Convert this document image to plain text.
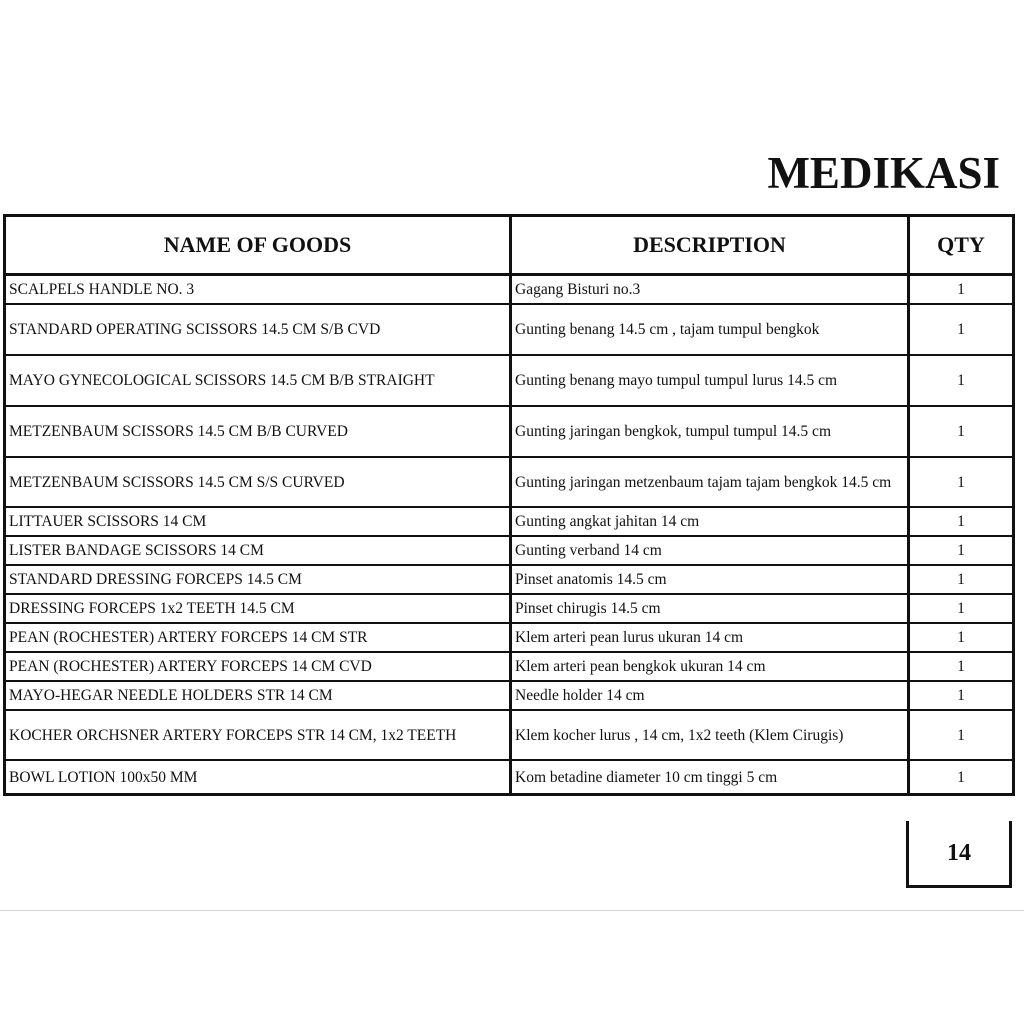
MEDIKASI
NAME OF GOODS	DESCRIPTION	QTY
SCALPELS HANDLE NO. 3	Gagang Bisturi no.3	1
STANDARD OPERATING SCISSORS 14.5 CM S/B CVD	Gunting benang 14.5 cm , tajam tumpul bengkok	1
MAYO GYNECOLOGICAL SCISSORS 14.5 CM B/B STRAIGHT	Gunting benang mayo tumpul tumpul lurus 14.5 cm	1
METZENBAUM SCISSORS 14.5 CM B/B CURVED	Gunting jaringan bengkok, tumpul tumpul 14.5 cm	1
METZENBAUM SCISSORS 14.5 CM S/S CURVED	Gunting jaringan metzenbaum tajam tajam bengkok 14.5 cm	1
LITTAUER SCISSORS 14 CM	Gunting angkat jahitan 14 cm	1
LISTER BANDAGE SCISSORS 14 CM	Gunting verband 14 cm	1
STANDARD DRESSING FORCEPS 14.5 CM	Pinset anatomis 14.5 cm	1
DRESSING FORCEPS 1x2 TEETH 14.5 CM	Pinset chirugis 14.5 cm	1
PEAN (ROCHESTER) ARTERY FORCEPS 14 CM STR	Klem arteri pean lurus ukuran 14 cm	1
PEAN (ROCHESTER) ARTERY FORCEPS 14 CM CVD	Klem arteri pean bengkok ukuran 14 cm	1
MAYO-HEGAR NEEDLE HOLDERS STR 14 CM	Needle holder 14 cm	1
KOCHER ORCHSNER ARTERY FORCEPS STR 14 CM, 1x2 TEETH	Klem kocher lurus , 14 cm, 1x2 teeth (Klem Cirugis)	1
BOWL LOTION 100x50 MM	Kom betadine diameter 10 cm tinggi 5 cm	1
14
